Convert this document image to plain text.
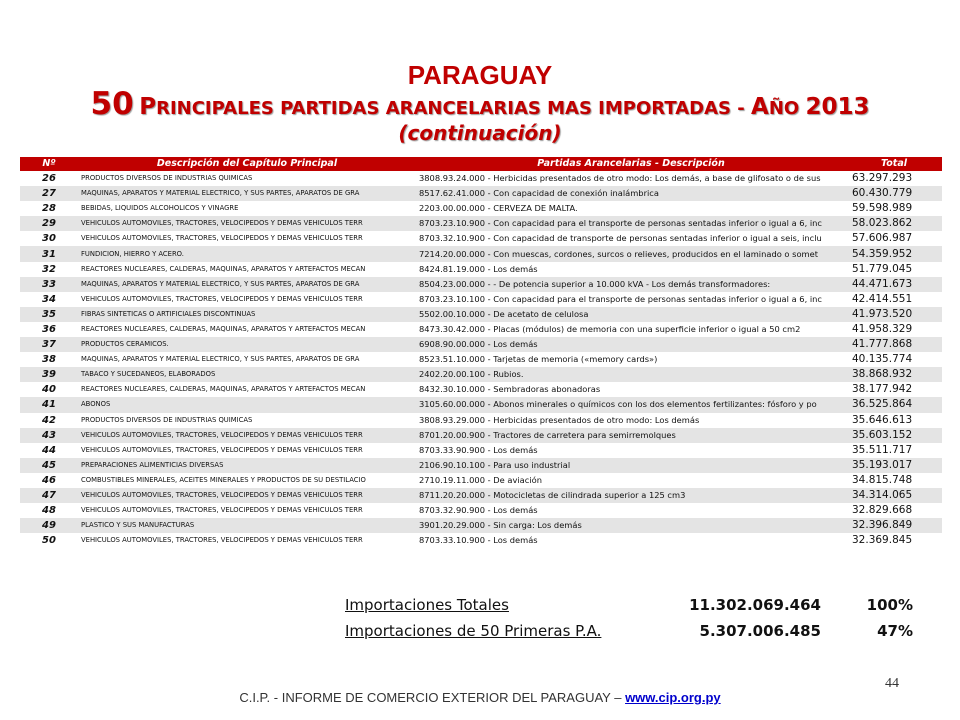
PARAGUAY
50 PRINCIPALES PARTIDAS ARANCELARIAS MAS IMPORTADAS - AÑO 2013
(continuación)
Nº	Descripción del Capítulo Principal	Partidas Arancelarias - Descripción	Total
26	PRODUCTOS DIVERSOS DE INDUSTRIAS QUIMICAS	3808.93.24.000 - Herbicidas presentados de otro modo: Los demás, a base de glifosato o de sus	63.297.293
27	MAQUINAS, APARATOS Y MATERIAL ELECTRICO, Y SUS PARTES, APARATOS DE GRA	8517.62.41.000 - Con capacidad de conexión inalámbrica	60.430.779
28	BEBIDAS, LIQUIDOS ALCOHOLICOS Y VINAGRE	2203.00.00.000 - CERVEZA DE MALTA.	59.598.989
29	VEHICULOS AUTOMOVILES, TRACTORES, VELOCIPEDOS Y DEMAS VEHICULOS TERR	8703.23.10.900 - Con capacidad para el transporte de personas sentadas inferior o igual a 6, inc	58.023.862
30	VEHICULOS AUTOMOVILES, TRACTORES, VELOCIPEDOS Y DEMAS VEHICULOS TERR	8703.32.10.900 - Con capacidad de transporte de personas sentadas inferior o igual a seis, inclu	57.606.987
31	FUNDICION, HIERRO Y ACERO.	7214.20.00.000 - Con muescas, cordones, surcos o relieves, producidos en el laminado o somet	54.359.952
32	REACTORES NUCLEARES, CALDERAS, MAQUINAS, APARATOS Y ARTEFACTOS MECAN	8424.81.19.000 - Los demás	51.779.045
33	MAQUINAS, APARATOS Y MATERIAL ELECTRICO, Y SUS PARTES, APARATOS DE GRA	8504.23.00.000 - - De potencia superior a 10.000 kVA - Los demás transformadores:	44.471.673
34	VEHICULOS AUTOMOVILES, TRACTORES, VELOCIPEDOS Y DEMAS VEHICULOS TERR	8703.23.10.100 - Con capacidad para el transporte de personas sentadas inferior o igual a 6, inc	42.414.551
35	FIBRAS SINTETICAS O ARTIFICIALES DISCONTINUAS	5502.00.10.000 - De acetato de celulosa	41.973.520
36	REACTORES NUCLEARES, CALDERAS, MAQUINAS, APARATOS Y ARTEFACTOS MECAN	8473.30.42.000 - Placas (módulos) de memoria con una superficie inferior o igual a 50 cm2	41.958.329
37	PRODUCTOS CERAMICOS.	6908.90.00.000 - Los demás	41.777.868
38	MAQUINAS, APARATOS Y MATERIAL ELECTRICO, Y SUS PARTES, APARATOS DE GRA	8523.51.10.000 - Tarjetas de memoria («memory cards»)	40.135.774
39	TABACO Y SUCEDANEOS, ELABORADOS	2402.20.00.100 - Rubios.	38.868.932
40	REACTORES NUCLEARES, CALDERAS, MAQUINAS, APARATOS Y ARTEFACTOS MECAN	8432.30.10.000 - Sembradoras abonadoras	38.177.942
41	ABONOS	3105.60.00.000 - Abonos minerales o químicos con los dos elementos fertilizantes: fósforo y po	36.525.864
42	PRODUCTOS DIVERSOS DE INDUSTRIAS QUIMICAS	3808.93.29.000 - Herbicidas presentados de otro modo: Los demás	35.646.613
43	VEHICULOS AUTOMOVILES, TRACTORES, VELOCIPEDOS Y DEMAS VEHICULOS TERR	8701.20.00.900 - Tractores de carretera para semirremolques	35.603.152
44	VEHICULOS AUTOMOVILES, TRACTORES, VELOCIPEDOS Y DEMAS VEHICULOS TERR	8703.33.90.900 - Los demás	35.511.717
45	PREPARACIONES ALIMENTICIAS DIVERSAS	2106.90.10.100 - Para uso industrial	35.193.017
46	COMBUSTIBLES MINERALES, ACEITES MINERALES Y PRODUCTOS DE SU DESTILACIO	2710.19.11.000 - De aviación	34.815.748
47	VEHICULOS AUTOMOVILES, TRACTORES, VELOCIPEDOS Y DEMAS VEHICULOS TERR	8711.20.20.000 - Motocicletas de cilindrada superior a 125 cm3	34.314.065
48	VEHICULOS AUTOMOVILES, TRACTORES, VELOCIPEDOS Y DEMAS VEHICULOS TERR	8703.32.90.900 - Los demás	32.829.668
49	PLASTICO Y SUS MANUFACTURAS	3901.20.29.000 - Sin carga: Los demás	32.396.849
50	VEHICULOS AUTOMOVILES, TRACTORES, VELOCIPEDOS Y DEMAS VEHICULOS TERR	8703.33.10.900 - Los demás	32.369.845
Importaciones Totales	11.302.069.464	100%
Importaciones de 50 Primeras P.A.	5.307.006.485	47%
44
C.I.P. - INFORME DE COMERCIO EXTERIOR DEL PARAGUAY – www.cip.org.py
